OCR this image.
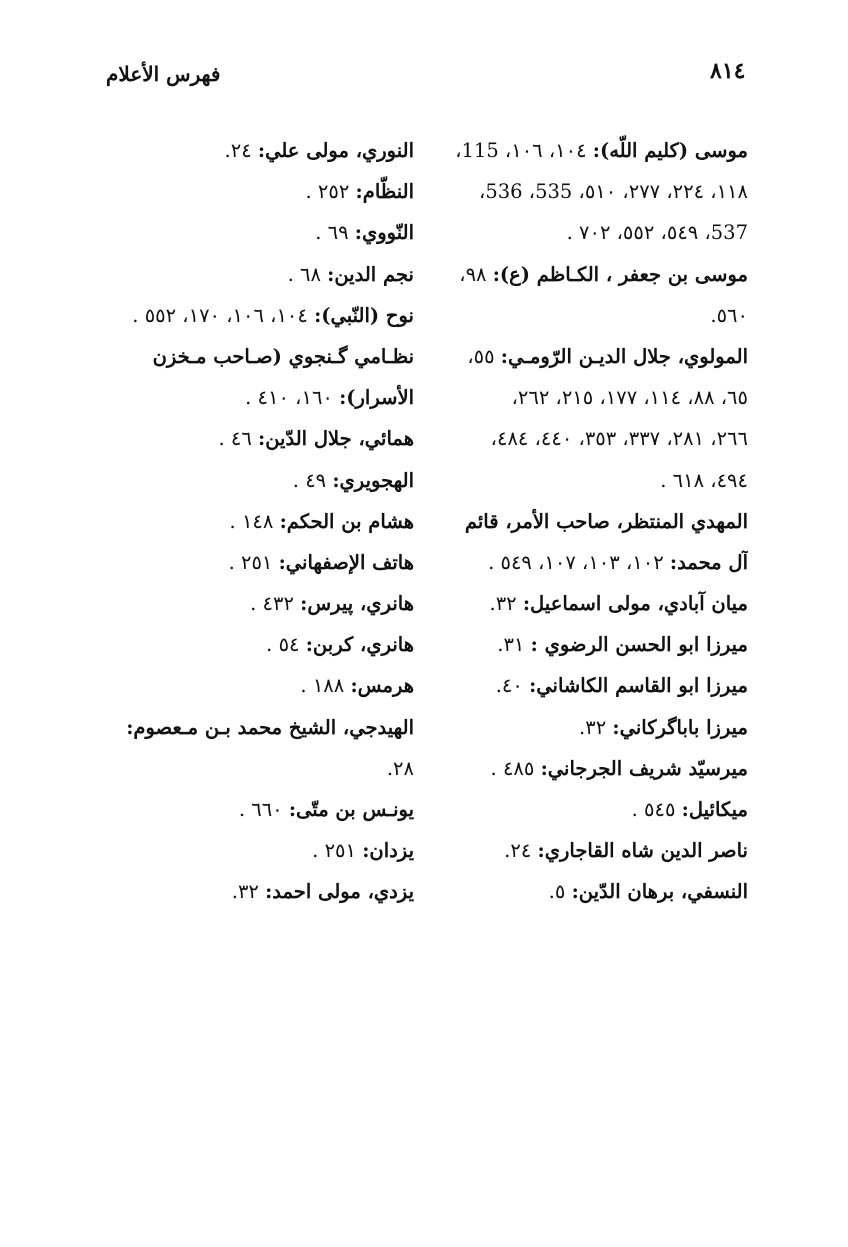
٨١٤
فهرس الأعلام
موسى (كليم اللّه): ١٠٤، ١٠٦، 115،
١١٨، ٢٢٤، ٢٧٧، ٥١٠، 535، 536،
537، ٥٤٩، ٥٥٢، ٧٠٢ .
موسى بن جعفر ، الكـاظم (ع): ٩٨،
٥٦٠.
المولوي، جلال الديـن الرّومـي: ٥٥،
٦٥، ٨٨، ١١٤، ١٧٧، ٢١٥، ٢٦٢،
٢٦٦، ٢٨١، ٣٣٧، ٣٥٣، ٤٤٠، ٤٨٤،
٤٩٤، ٦١٨ .
المهدي المنتظر، صاحب الأمر، قائم
آل محمد: ١٠٢، ١٠٣، ١٠٧، ٥٤٩ .
ميان آبادي، مولى اسماعيل: ٣٢.
ميرزا ابو الحسن الرضوي : ٣١.
ميرزا ابو القاسم الكاشاني: ٤٠.
ميرزا باباگركاني: ٣٢.
ميرسيّد شريف الجرجاني: ٤٨٥ .
ميكائيل: ٥٤٥ .
ناصر الدين شاه القاجاري: ٢٤.
النسفي، برهان الدّين: ٥.
النوري، مولى علي: ٢٤.
النظّام: ٢٥٢ .
النّووي: ٦٩ .
نجم الدين: ٦٨ .
نوح (النّبي): ١٠٤، ١٠٦، ١٧٠، ٥٥٢ .
نظـامي گـنجوي (صـاحب مـخزن
الأسرار): ١٦٠، ٤١٠ .
همائي، جلال الدّين: ٤٦ .
الهجويري: ٤٩ .
هشام بن الحكم: ١٤٨ .
هاتف الإصفهاني: ٢٥١ .
هانري، پيرس: ٤٣٢ .
هانري، كربن: ٥٤ .
هرمس: ١٨٨ .
الهيدجي، الشيخ محمد بـن مـعصوم:
٢٨.
يونـس بن متّى: ٦٦٠ .
يزدان: ٢٥١ .
يزدي، مولى احمد: ٣٢.
